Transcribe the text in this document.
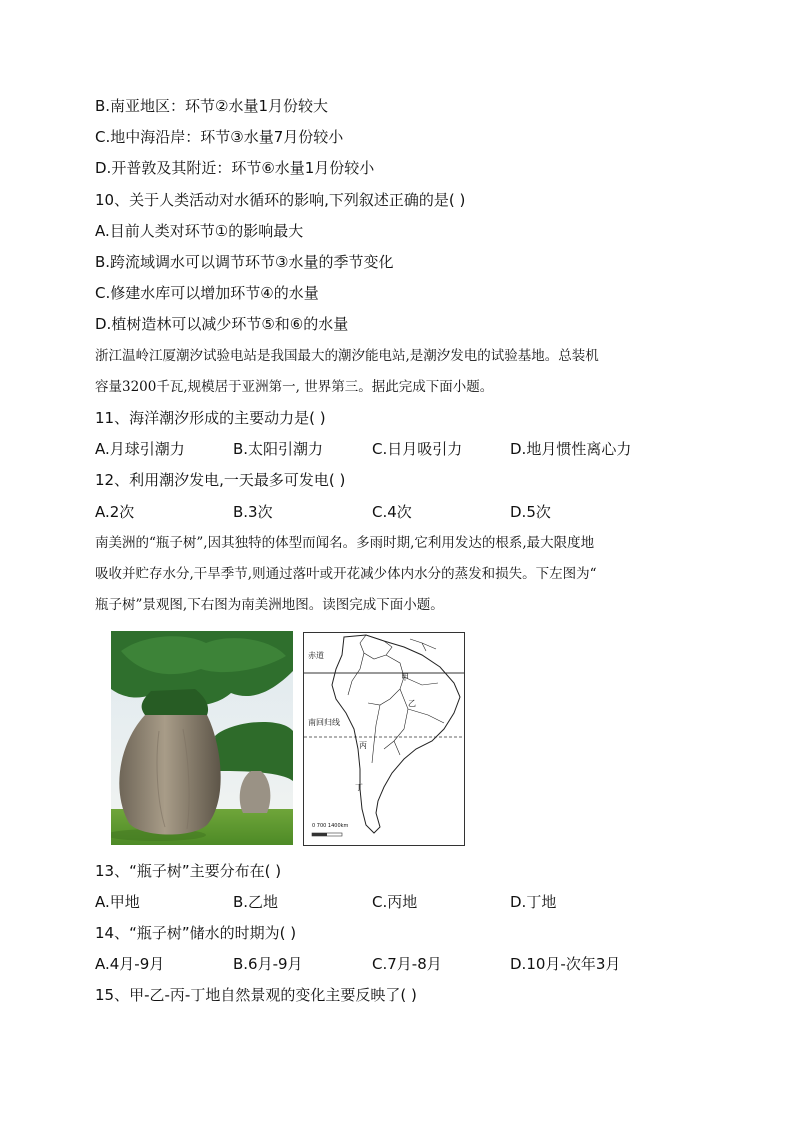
B.南亚地区：环节②水量1月份较大
C.地中海沿岸：环节③水量7月份较小
D.开普敦及其附近：环节⑥水量1月份较小
10、关于人类活动对水循环的影响,下列叙述正确的是( )
A.目前人类对环节①的影响最大
B.跨流域调水可以调节环节③水量的季节变化
C.修建水库可以增加环节④的水量
D.植树造林可以减少环节⑤和⑥的水量
浙江温岭江厦潮汐试验电站是我国最大的潮汐能电站,是潮汐发电的试验基地。总装机
容量3200千瓦,规模居于亚洲第一, 世界第三。据此完成下面小题。
11、海洋潮汐形成的主要动力是( )
A.月球引潮力	B.太阳引潮力	C.日月吸引力	D.地月惯性离心力
12、利用潮汐发电,一天最多可发电( )
A.2次	B.3次	C.4次	D.5次
南美洲的“瓶子树”,因其独特的体型而闻名。多雨时期,它利用发达的根系,最大限度地
吸收并贮存水分,干旱季节,则通过落叶或开花减少体内水分的蒸发和损失。下左图为“
瓶子树”景观图,下右图为南美洲地图。读图完成下面小题。
赤道
南回归线
甲
乙
丙
丁
0 700 1400km
13、“瓶子树”主要分布在( )
A.甲地	B.乙地	C.丙地	D.丁地
14、“瓶子树”储水的时期为( )
A.4月-9月	B.6月-9月	C.7月-8月	D.10月-次年3月
15、甲-乙-丙-丁地自然景观的变化主要反映了( )
